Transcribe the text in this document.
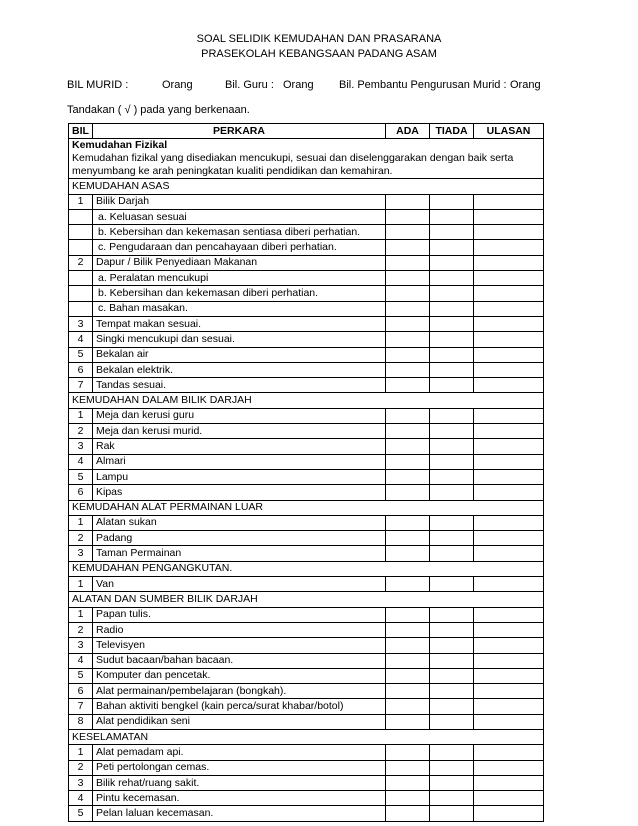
SOAL SELIDIK KEMUDAHAN DAN PRASARANA
PRASEKOLAH KEBANGSAAN PADANG ASAM
BIL MURID :	Orang	Bil. Guru : Orang Bil. Pembantu Pengurusan Murid : Orang
Tandakan ( √ ) pada yang berkenaan.
BIL	PERKARA	ADA	TIADA	ULASAN
Kemudahan Fizikal
Kemudahan fizikal yang disediakan mencukupi, sesuai dan diselenggarakan dengan baik serta menyumbang ke arah peningkatan kualiti pendidikan dan kemahiran.				
KEMUDAHAN ASAS				
1	Bilik Darjah			
	a. Keluasan sesuai			
	b. Kebersihan dan kekemasan sentiasa diberi perhatian.			
	c. Pengudaraan dan pencahayaan diberi perhatian.			
2	Dapur / Bilik Penyediaan Makanan			
	a. Peralatan mencukupi			
	b. Kebersihan dan kekemasan diberi perhatian.			
	c. Bahan masakan.			
3	Tempat makan sesuai.			
4	Singki mencukupi dan sesuai.			
5	Bekalan air			
6	Bekalan elektrik.			
7	Tandas sesuai.			
KEMUDAHAN DALAM BILIK DARJAH				
1	Meja dan kerusi guru			
2	Meja dan kerusi murid.			
3	Rak			
4	Almari			
5	Lampu			
6	Kipas			
KEMUDAHAN ALAT PERMAINAN LUAR				
1	Alatan sukan			
2	Padang			
3	Taman Permainan			
KEMUDAHAN PENGANGKUTAN.				
1	Van			
ALATAN DAN SUMBER BILIK DARJAH				
1	Papan tulis.			
2	Radio			
3	Televisyen			
4	Sudut bacaan/bahan bacaan.			
5	Komputer dan pencetak.			
6	Alat permainan/pembelajaran (bongkah).			
7	Bahan aktiviti bengkel (kain perca/surat khabar/botol)			
8	Alat pendidikan seni			
KESELAMATAN				
1	Alat pemadam api.			
2	Peti pertolongan cemas.			
3	Bilik rehat/ruang sakit.			
4	Pintu kecemasan.			
5	Pelan laluan kecemasan.			
